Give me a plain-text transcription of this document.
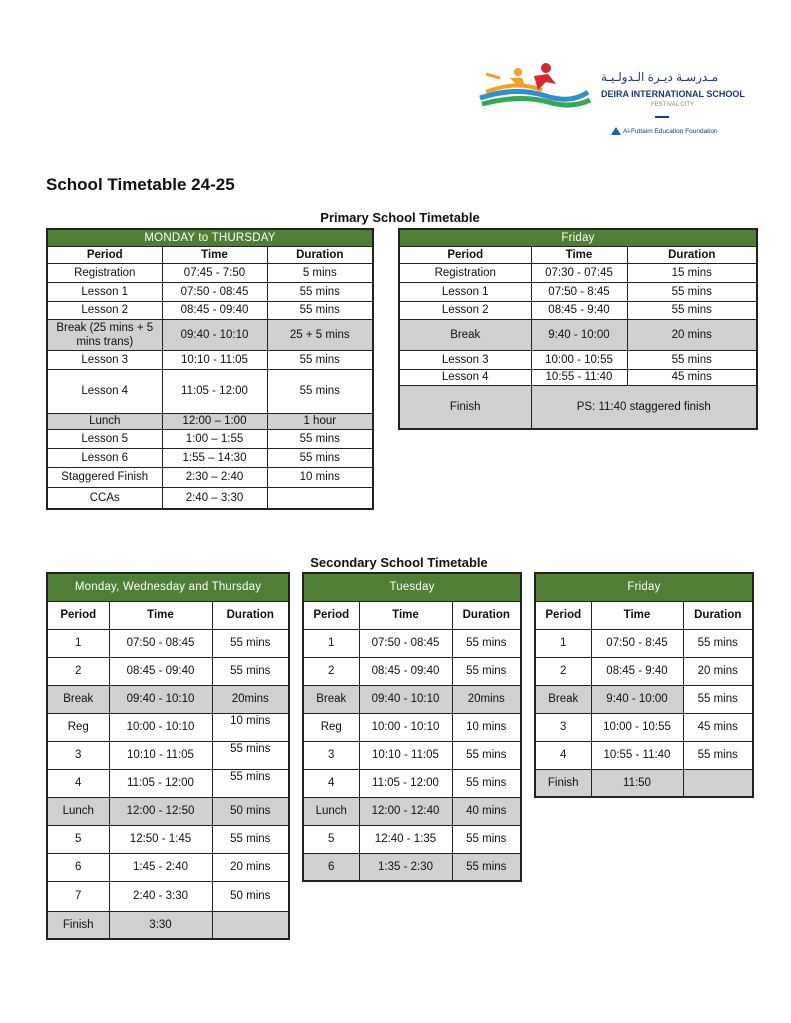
مـدرسـة ديـرة الـدولـيـة
DEIRA INTERNATIONAL SCHOOL
FESTIVAL CITY
Al-Futtaim Education Foundation
School Timetable 24-25
Primary School Timetable
MONDAY to THURSDAY		
Period	Time	Duration
Registration	07:45 - 7:50	5 mins
Lesson 1	07:50 - 08:45	55 mins
Lesson 2	08:45 - 09:40	55 mins
Break (25 mins + 5 mins trans)	09:40 - 10:10	25 + 5 mins
Lesson 3	10:10 - 11:05	55 mins
Lesson 4	11:05 - 12:00	55 mins
Lunch	12:00 – 1:00	1 hour
Lesson 5	1:00 – 1:55	55 mins
Lesson 6	1:55 – 14:30	55 mins
Staggered Finish	2:30 – 2:40	10 mins
CCAs	2:40 – 3:30	
Friday		
Period	Time	Duration
Registration	07:30 - 07:45	15 mins
Lesson 1	07:50 - 8:45	55 mins
Lesson 2	08:45 - 9:40	55 mins
Break	9:40 - 10:00	20 mins
Lesson 3	10:00 - 10:55	55 mins
Lesson 4	10:55 - 11:40	45 mins
Finish	PS: 11:40 staggered finish	
Secondary School Timetable
Monday, Wednesday and Thursday		
Period	Time	Duration
1	07:50 - 08:45	55 mins
2	08:45 - 09:40	55 mins
Break	09:40 - 10:10	20mins
Reg	10:00 - 10:10	10 mins
3	10:10 - 11:05	55 mins
4	11:05 - 12:00	55 mins
Lunch	12:00 - 12:50	50 mins
5	12:50 - 1:45	55 mins
6	1:45 - 2:40	20 mins
7	2:40 - 3:30	50 mins
Finish	3:30	
Tuesday		
Period	Time	Duration
1	07:50 - 08:45	55 mins
2	08:45 - 09:40	55 mins
Break	09:40 - 10:10	20mins
Reg	10:00 - 10:10	10 mins
3	10:10 - 11:05	55 mins
4	11:05 - 12:00	55 mins
Lunch	12:00 - 12:40	40 mins
5	12:40 - 1:35	55 mins
6	1:35 - 2:30	55 mins
Friday		
Period	Time	Duration
1	07:50 - 8:45	55 mins
2	08:45 - 9:40	20 mins
Break	9:40 - 10:00	55 mins
3	10:00 - 10:55	45 mins
4	10:55 - 11:40	55 mins
Finish	11:50	
